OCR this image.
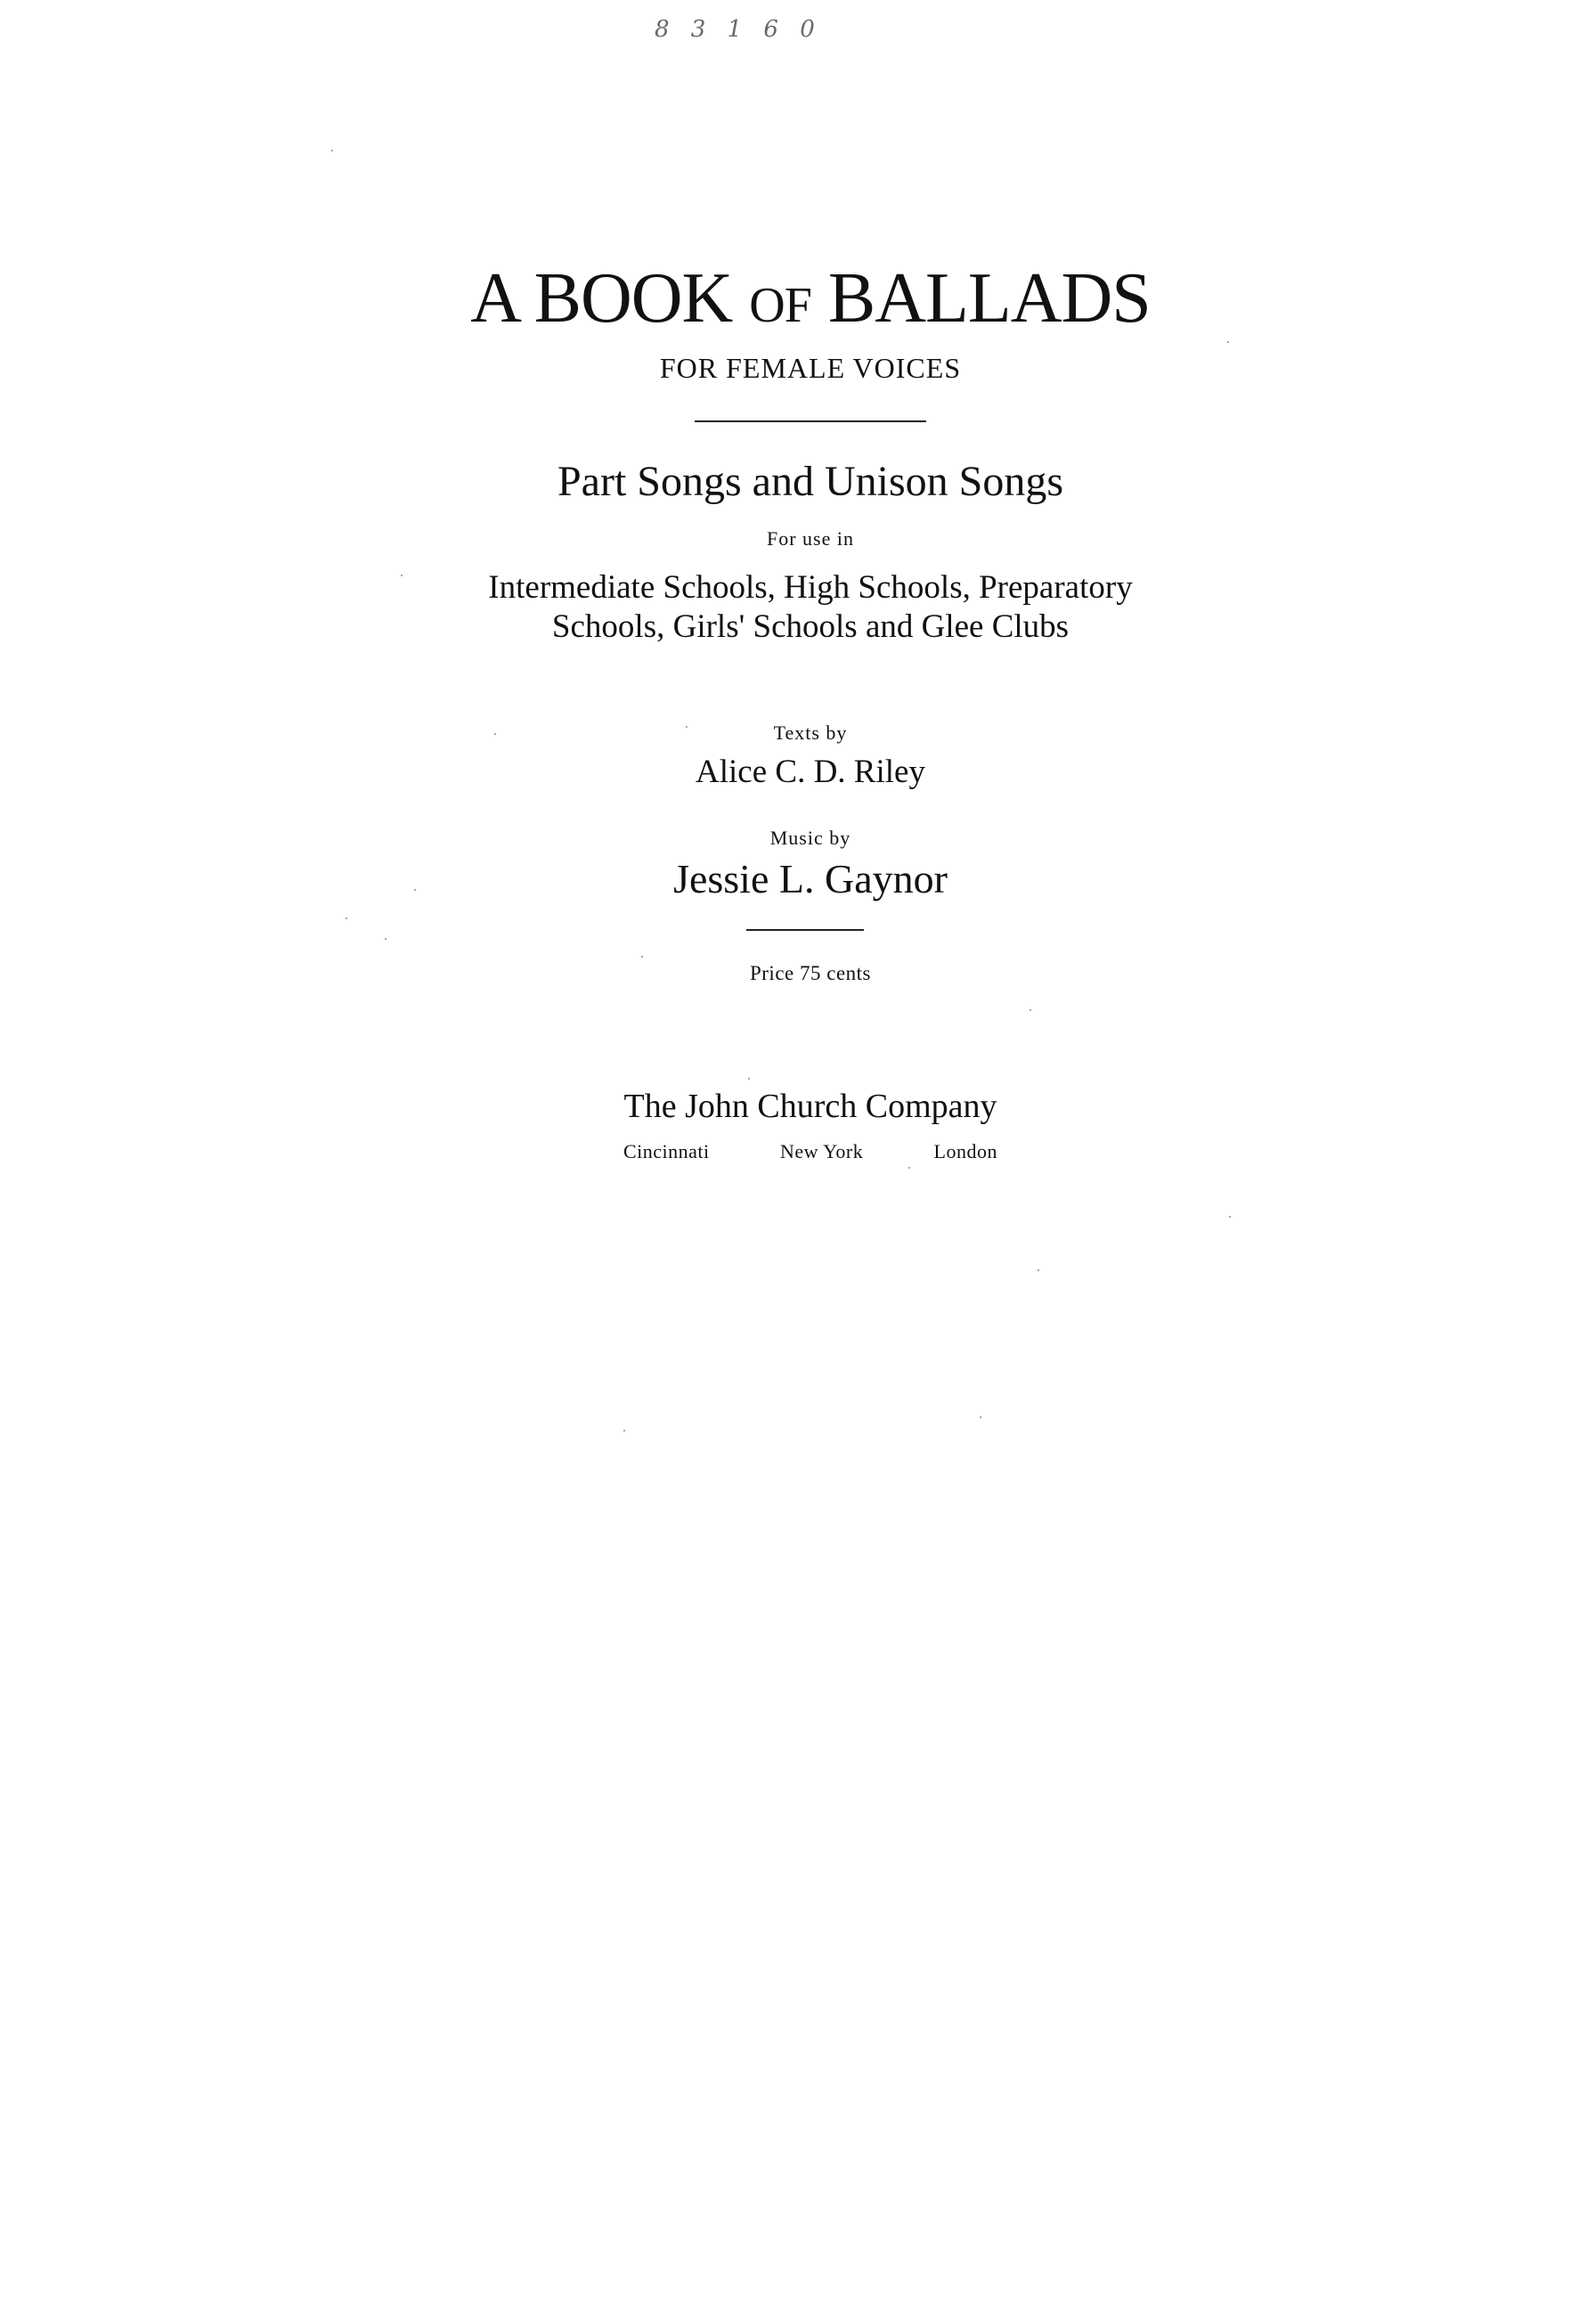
8 3 1 6 0
A BOOK OF BALLADS
FOR FEMALE VOICES
Part Songs and Unison Songs
For use in
Intermediate Schools, High Schools, Preparatory
Schools, Girls' Schools and Glee Clubs
Texts by
Alice C. D. Riley
Music by
Jessie L. Gaynor
Price 75 cents
The John Church Company
Cincinnati	New York	London
